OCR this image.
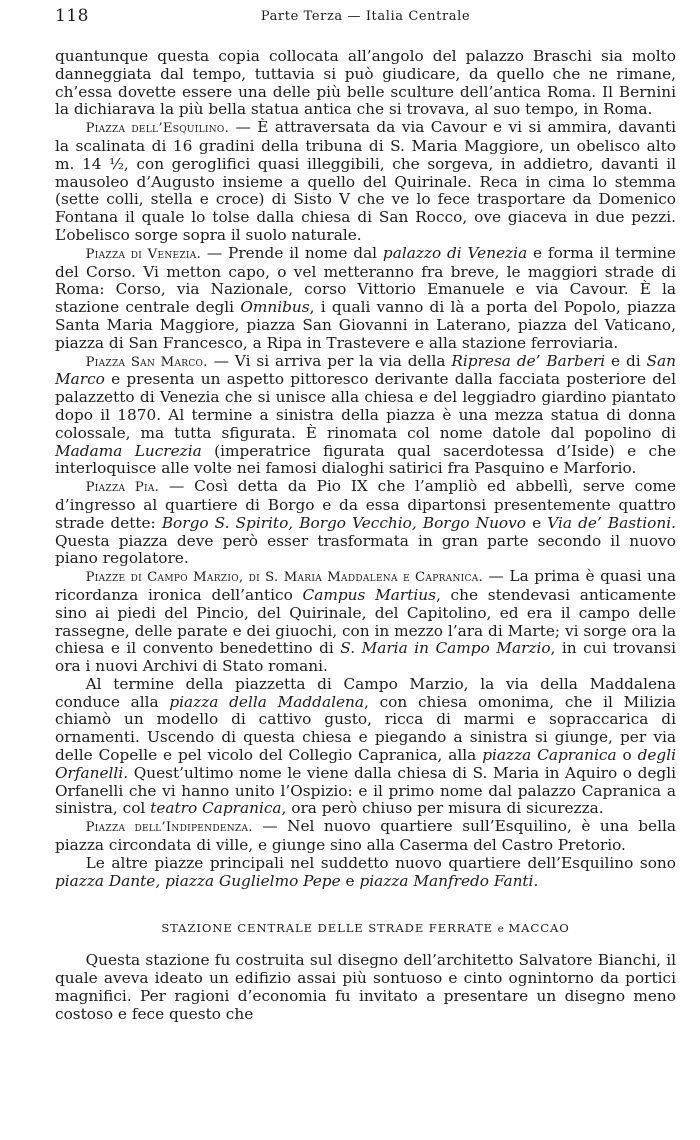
118	Parte Terza — Italia Centrale

quantunque questa copia collocata all’angolo del palazzo Braschi sia molto danneggiata dal tempo, tuttavia si può giudicare, da quello che ne rimane, ch’essa dovette essere una delle più belle sculture dell’antica Roma. Il Bernini la dichiarava la più bella statua antica che si trovava, al suo tempo, in Roma.

Piazza dell’Esquilino. — È attraversata da via Cavour e vi si ammira, davanti la scalinata di 16 gradini della tribuna di S. Maria Maggiore, un obelisco alto m. 14 ½, con geroglifici quasi illeggibili, che sorgeva, in addietro, davanti il mausoleo d’Augusto insieme a quello del Quirinale. Reca in cima lo stemma (sette colli, stella e croce) di Sisto V che ve lo fece trasportare da Domenico Fontana il quale lo tolse dalla chiesa di San Rocco, ove giaceva in due pezzi. L’obelisco sorge sopra il suolo naturale.

Piazza di Venezia. — Prende il nome dal palazzo di Venezia e forma il termine del Corso. Vi metton capo, o vel metteranno fra breve, le maggiori strade di Roma: Corso, via Nazionale, corso Vittorio Emanuele e via Cavour. È la stazione centrale degli Omnibus, i quali vanno di là a porta del Popolo, piazza Santa Maria Maggiore, piazza San Giovanni in Laterano, piazza del Vaticano, piazza di San Francesco, a Ripa in Trastevere e alla stazione ferroviaria.

Piazza San Marco. — Vi si arriva per la via della Ripresa de’ Barberi e di San Marco e presenta un aspetto pittoresco derivante dalla facciata posteriore del palazzetto di Venezia che si unisce alla chiesa e del leggiadro giardino piantato dopo il 1870. Al termine a sinistra della piazza è una mezza statua di donna colossale, ma tutta sfigurata. È rinomata col nome datole dal popolino di Madama Lucrezia (imperatrice figurata qual sacerdotessa d’Iside) e che interloquisce alle volte nei famosi dialoghi satirici fra Pasquino e Marforio.

Piazza Pia. — Così detta da Pio IX che l’ampliò ed abbellì, serve come d’ingresso al quartiere di Borgo e da essa dipartonsi presentemente quattro strade dette: Borgo S. Spirito, Borgo Vecchio, Borgo Nuovo e Via de’ Bastioni. Questa piazza deve però esser trasformata in gran parte secondo il nuovo piano regolatore.

Piazze di Campo Marzio, di S. Maria Maddalena e Capranica. — La prima è quasi una ricordanza ironica dell’antico Campus Martius, che stendevasi anticamente sino ai piedi del Pincio, del Quirinale, del Capitolino, ed era il campo delle rassegne, delle parate e dei giuochi, con in mezzo l’ara di Marte; vi sorge ora la chiesa e il convento benedettino di S. Maria in Campo Marzio, in cui trovansi ora i nuovi Archivi di Stato romani.

Al termine della piazzetta di Campo Marzio, la via della Maddalena conduce alla piazza della Maddalena, con chiesa omonima, che il Milizia chiamò un modello di cattivo gusto, ricca di marmi e sopraccarica di ornamenti. Uscendo di questa chiesa e piegando a sinistra si giunge, per via delle Copelle e pel vicolo del Collegio Capranica, alla piazza Capranica o degli Orfanelli. Quest’ultimo nome le viene dalla chiesa di S. Maria in Aquiro o degli Orfanelli che vi hanno unito l’Ospizio: e il primo nome dal palazzo Capranica a sinistra, col teatro Capranica, ora però chiuso per misura di sicurezza.

Piazza dell’Indipendenza. — Nel nuovo quartiere sull’Esquilino, è una bella piazza circondata di ville, e giunge sino alla Caserma del Castro Pretorio.

Le altre piazze principali nel suddetto nuovo quartiere dell’Esquilino sono piazza Dante, piazza Guglielmo Pepe e piazza Manfredo Fanti.

STAZIONE CENTRALE DELLE STRADE FERRATE e MACCAO

Questa stazione fu costruita sul disegno dell’architetto Salvatore Bianchi, il quale aveva ideato un edifizio assai più sontuoso e cinto ognintorno da portici magnifici. Per ragioni d’economia fu invitato a presentare un disegno meno costoso e fece questo che
